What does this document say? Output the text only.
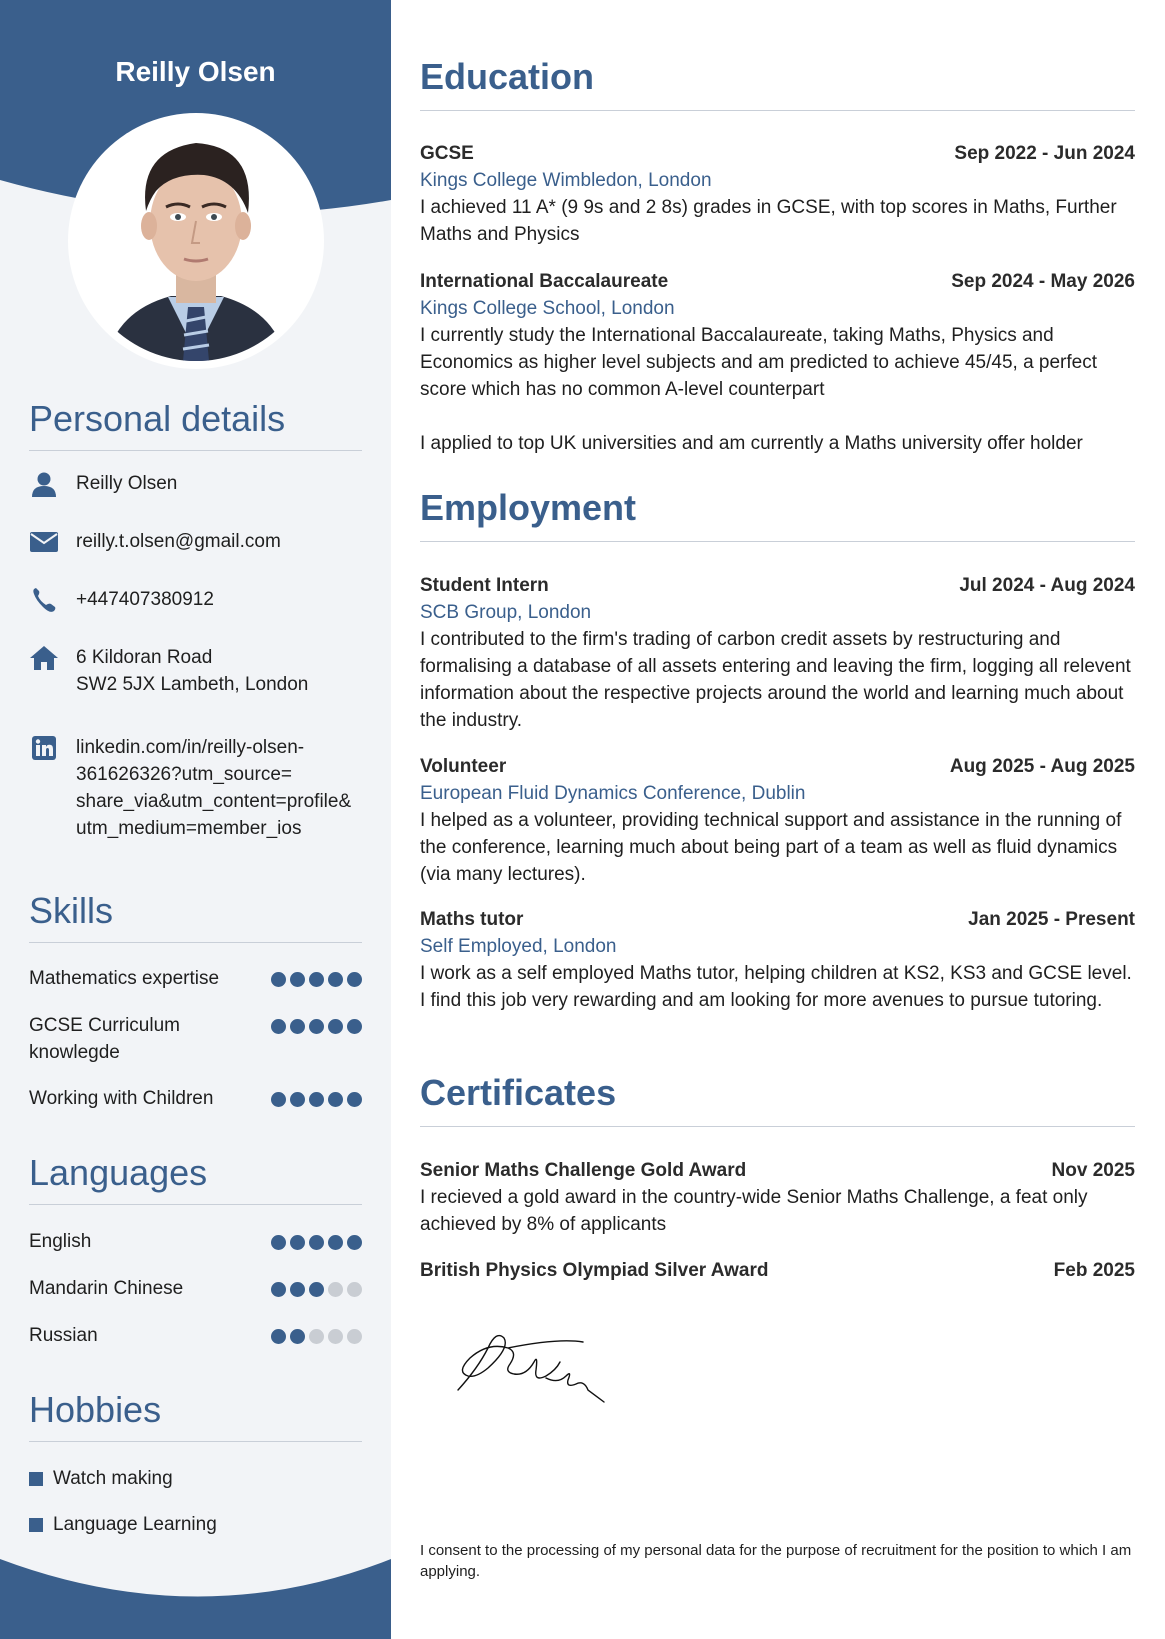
Reilly Olsen
Personal details
Reilly Olsen
reilly.t.olsen@gmail.com
+447407380912
6 Kildoran Road
SW2 5JX Lambeth, London
linkedin.com/in/reilly-olsen-
361626326?utm_source=
share_via&utm_content=profile&
utm_medium=member_ios
Skills
Mathematics expertise
GCSE Curriculum knowlegde
Working with Children
Languages
English
Mandarin Chinese
Russian
Hobbies
Watch making
Language Learning
Education
GCSE	Sep 2022 - Jun 2024
Kings College Wimbledon, London

I achieved 11 A* (9 9s and 2 8s) grades in GCSE, with top scores in Maths, Further Maths and Physics

International Baccalaureate	Sep 2024 - May 2026
Kings College School, London

I currently study the International Baccalaureate, taking Maths, Physics and Economics as higher level subjects and am predicted to achieve 45/45, a perfect score which has no common A-level counterpart

I applied to top UK universities and am currently a Maths university offer holder

Employment
Student Intern	Jul 2024 - Aug 2024
SCB Group, London

I contributed to the firm's trading of carbon credit assets by restructuring and formalising a database of all assets entering and leaving the firm, logging all relevent information about the respective projects around the world and learning much about the industry.

Volunteer	Aug 2025 - Aug 2025
European Fluid Dynamics Conference, Dublin

I helped as a volunteer, providing technical support and assistance in the running of the conference, learning much about being part of a team as well as fluid dynamics (via many lectures).

Maths tutor	Jan 2025 - Present
Self Employed, London

I work as a self employed Maths tutor, helping children at KS2, KS3 and GCSE level. I find this job very rewarding and am looking for more avenues to pursue tutoring.

Certificates
Senior Maths Challenge Gold Award	Nov 2025

I recieved a gold award in the country-wide Senior Maths Challenge, a feat only achieved by 8% of applicants

British Physics Olympiad Silver Award	Feb 2025
I consent to the processing of my personal data for the purpose of recruitment for the position to which I am applying.
